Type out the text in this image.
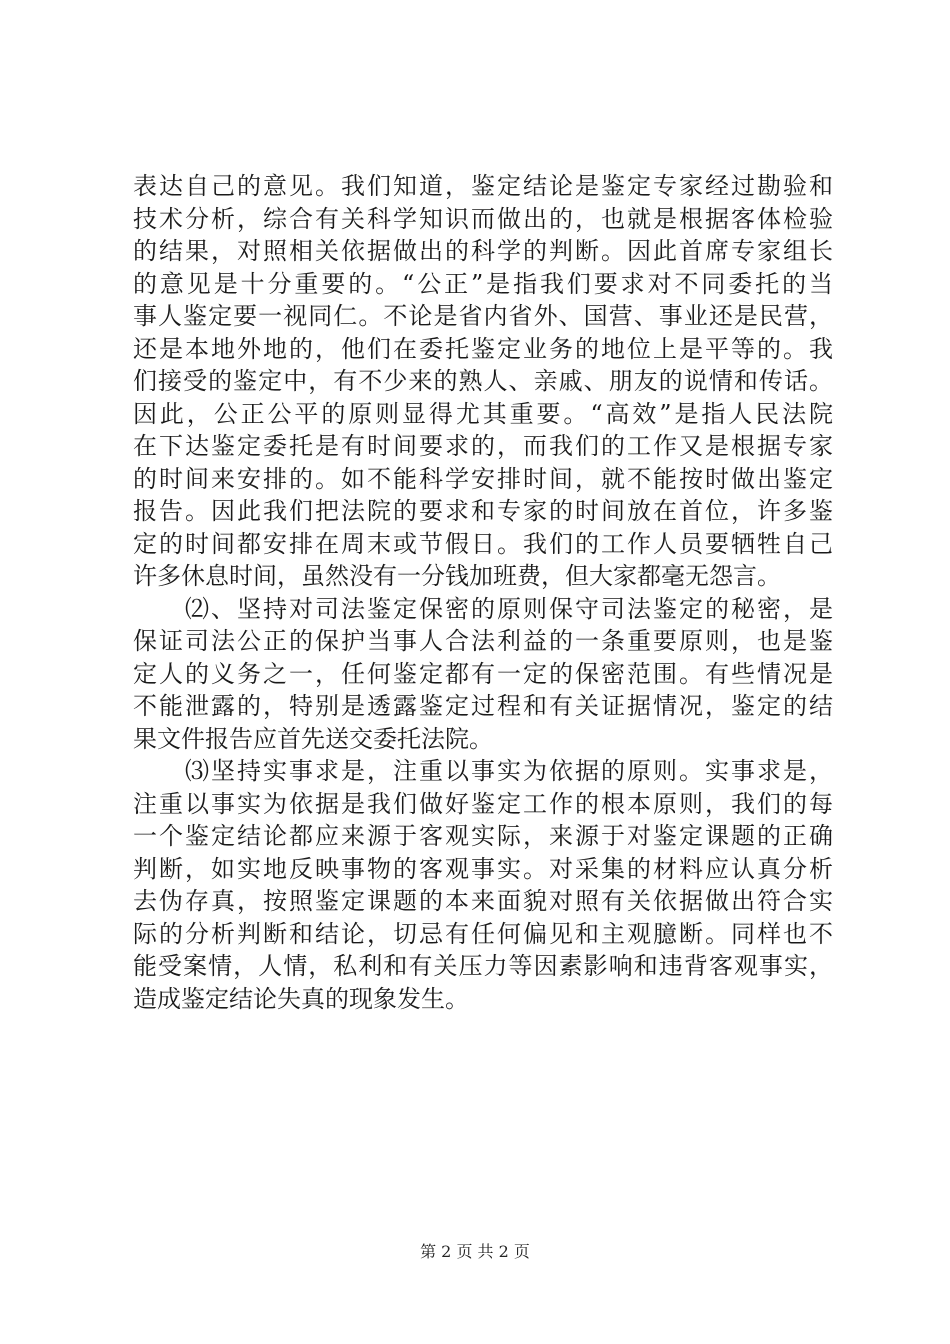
表达自己的意见。我们知道，鉴定结论是鉴定专家经过勘验和
技术分析，综合有关科学知识而做出的，也就是根据客体检验
的结果，对照相关依据做出的科学的判断。因此首席专家组长
的意见是十分重要的。“公正”是指我们要求对不同委托的当
事人鉴定要一视同仁。不论是省内省外、国营、事业还是民营，
还是本地外地的，他们在委托鉴定业务的地位上是平等的。我
们接受的鉴定中，有不少来的熟人、亲戚、朋友的说情和传话。
因此，公正公平的原则显得尤其重要。“高效”是指人民法院
在下达鉴定委托是有时间要求的，而我们的工作又是根据专家
的时间来安排的。如不能科学安排时间，就不能按时做出鉴定
报告。因此我们把法院的要求和专家的时间放在首位，许多鉴
定的时间都安排在周末或节假日。我们的工作人员要牺牲自己
许多休息时间，虽然没有一分钱加班费，但大家都毫无怨言。
　　⑵、坚持对司法鉴定保密的原则保守司法鉴定的秘密，是
保证司法公正的保护当事人合法利益的一条重要原则，也是鉴
定人的义务之一，任何鉴定都有一定的保密范围。有些情况是
不能泄露的，特别是透露鉴定过程和有关证据情况，鉴定的结
果文件报告应首先送交委托法院。
　　⑶坚持实事求是，注重以事实为依据的原则。实事求是，
注重以事实为依据是我们做好鉴定工作的根本原则，我们的每
一个鉴定结论都应来源于客观实际，来源于对鉴定课题的正确
判断，如实地反映事物的客观事实。对采集的材料应认真分析
去伪存真，按照鉴定课题的本来面貌对照有关依据做出符合实
际的分析判断和结论，切忌有任何偏见和主观臆断。同样也不
能受案情，人情，私利和有关压力等因素影响和违背客观事实，
造成鉴定结论失真的现象发生。
第 2 页 共 2 页
